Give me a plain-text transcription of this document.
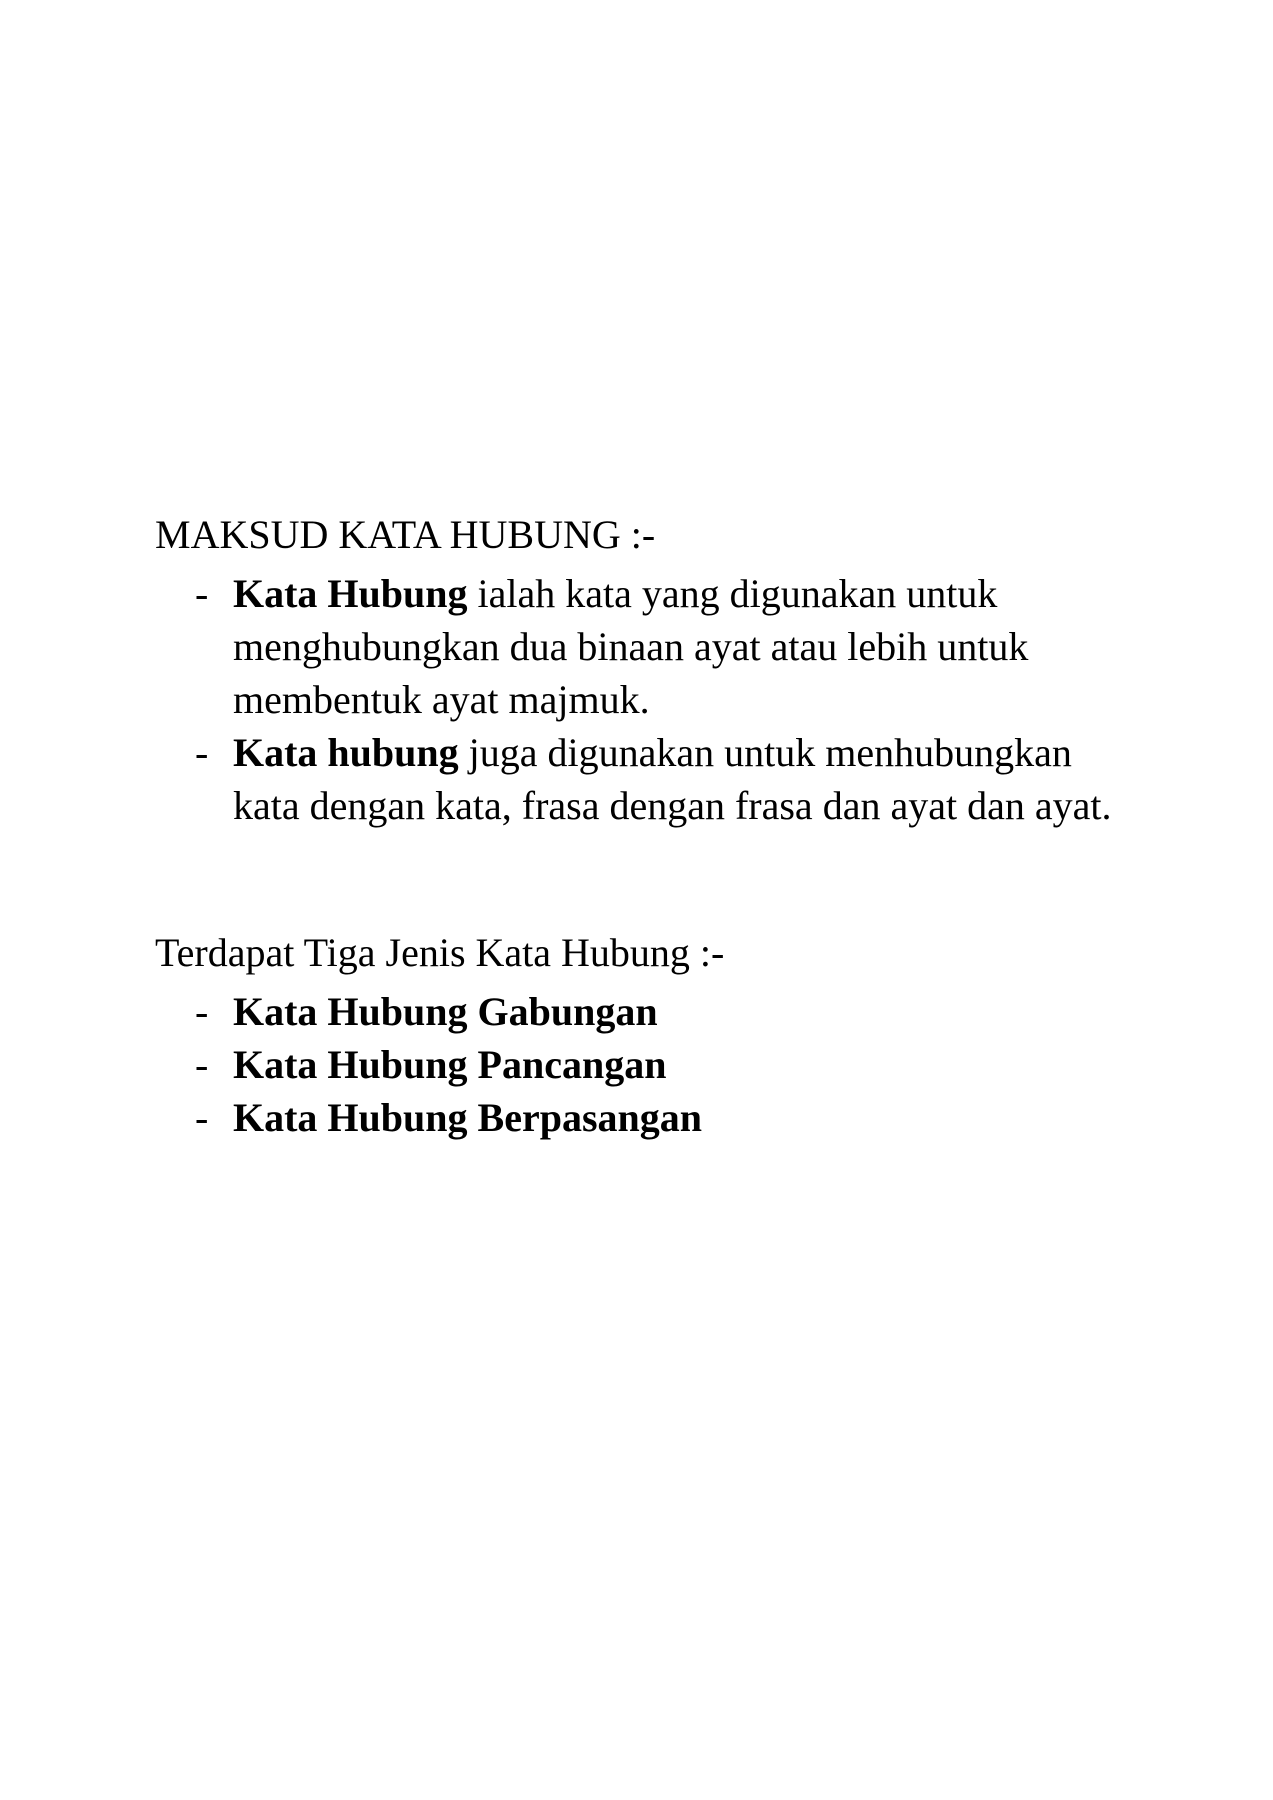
MAKSUD KATA HUBUNG :-

- Kata Hubung ialah kata yang digunakan untuk menghubungkan dua binaan ayat atau lebih untuk membentuk ayat majmuk.
- Kata hubung juga digunakan untuk menhubungkan kata dengan kata, frasa dengan frasa dan ayat dan ayat.

Terdapat Tiga Jenis Kata Hubung :-

- Kata Hubung Gabungan
- Kata Hubung Pancangan
- Kata Hubung Berpasangan
